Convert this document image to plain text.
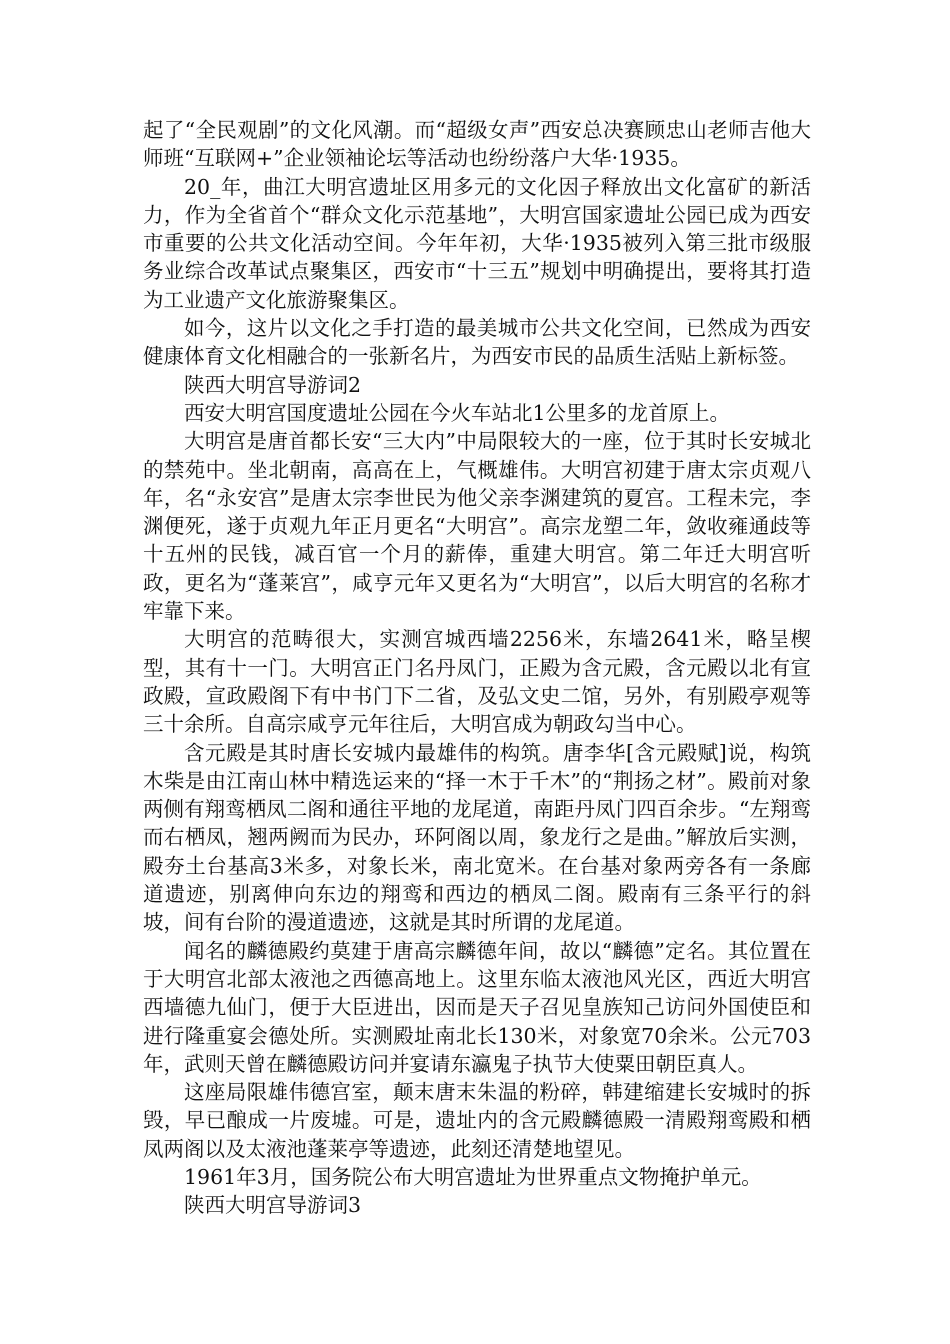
起了“全民观剧”的文化风潮。而“超级女声”西安总决赛顾忠山老师吉他大师班“互联网+”企业领袖论坛等活动也纷纷落户大华·1935。

20_年，曲江大明宫遗址区用多元的文化因子释放出文化富矿的新活力，作为全省首个“群众文化示范基地”，大明宫国家遗址公园已成为西安市重要的公共文化活动空间。今年年初，大华·1935被列入第三批市级服务业综合改革试点聚集区，西安市“十三五”规划中明确提出，要将其打造为工业遗产文化旅游聚集区。

如今，这片以文化之手打造的最美城市公共文化空间，已然成为西安健康体育文化相融合的一张新名片，为西安市民的品质生活贴上新标签。

陕西大明宫导游词2

西安大明宫国度遗址公园在今火车站北1公里多的龙首原上。

大明宫是唐首都长安“三大内”中局限较大的一座，位于其时长安城北的禁苑中。坐北朝南，高高在上，气概雄伟。大明宫初建于唐太宗贞观八年，名“永安宫”是唐太宗李世民为他父亲李渊建筑的夏宫。工程未完，李渊便死，遂于贞观九年正月更名“大明宫”。高宗龙塑二年，敛收雍通歧等十五州的民钱，减百官一个月的薪俸，重建大明宫。第二年迁大明宫听政，更名为“蓬莱宫”，咸亨元年又更名为“大明宫”，以后大明宫的名称才牢靠下来。

大明宫的范畴很大，实测宫城西墙2256米，东墙2641米，略呈楔型，其有十一门。大明宫正门名丹凤门，正殿为含元殿，含元殿以北有宣政殿，宣政殿阁下有中书门下二省，及弘文史二馆，另外，有别殿亭观等三十余所。自高宗咸亨元年往后，大明宫成为朝政勾当中心。

含元殿是其时唐长安城内最雄伟的构筑。唐李华[含元殿赋]说，构筑木柴是由江南山林中精选运来的“择一木于千木”的“荆扬之材”。殿前对象两侧有翔鸾栖凤二阁和通往平地的龙尾道，南距丹凤门四百余步。“左翔鸾而右栖凤，翘两阙而为民办，环阿阁以周，象龙行之是曲。”解放后实测，殿夯土台基高3米多，对象长米，南北宽米。在台基对象两旁各有一条廊道遗迹，别离伸向东边的翔鸾和西边的栖凤二阁。殿南有三条平行的斜坡，间有台阶的漫道遗迹，这就是其时所谓的龙尾道。

闻名的麟德殿约莫建于唐高宗麟德年间，故以“麟德”定名。其位置在于大明宫北部太液池之西德高地上。这里东临太液池风光区，西近大明宫西墙德九仙门，便于大臣进出，因而是天子召见皇族知己访问外国使臣和进行隆重宴会德处所。实测殿址南北长130米，对象宽70余米。公元703年，武则天曾在麟德殿访问并宴请东瀛鬼子执节大使粟田朝臣真人。

这座局限雄伟德宫室，颠末唐末朱温的粉碎，韩建缩建长安城时的拆毁，早已酿成一片废墟。可是，遗址内的含元殿麟德殿一清殿翔鸾殿和栖凤两阁以及太液池蓬莱亭等遗迹，此刻还清楚地望见。

1961年3月，国务院公布大明宫遗址为世界重点文物掩护单元。

陕西大明宫导游词3
